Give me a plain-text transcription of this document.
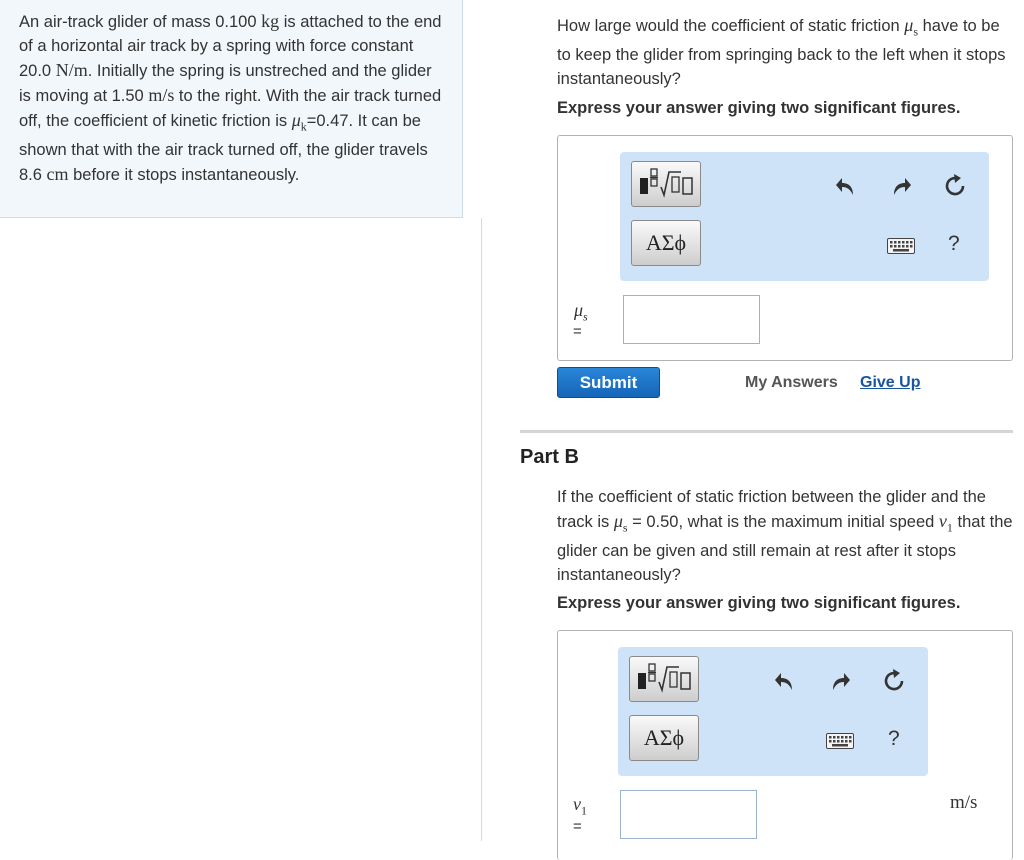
An air-track glider of mass 0.100 kg is attached to the end of a horizontal air track by a spring with force constant 20.0 N/m. Initially the spring is unstreched and the glider is moving at 1.50 m/s to the right. With the air track turned off, the coefficient of kinetic friction is $\mu_k=0.47$. It can be shown that with the air track turned off, the glider travels 8.6 cm before it stops instantaneously.

How large would the coefficient of static friction $\mu_s$ have to be to keep the glider from springing back to the left when it stops instantaneously?

Express your answer giving two significant figures.

ΑΣϕ	?
$\mu_s$
=
Submit	My Answers Give Up

Part B

If the coefficient of static friction between the glider and the track is $\mu_s = 0.50$, what is the maximum initial speed $v_1$ that the glider can be given and still remain at rest after it stops instantaneously?

Express your answer giving two significant figures.

ΑΣϕ	?
$v_1$
=
m/s
